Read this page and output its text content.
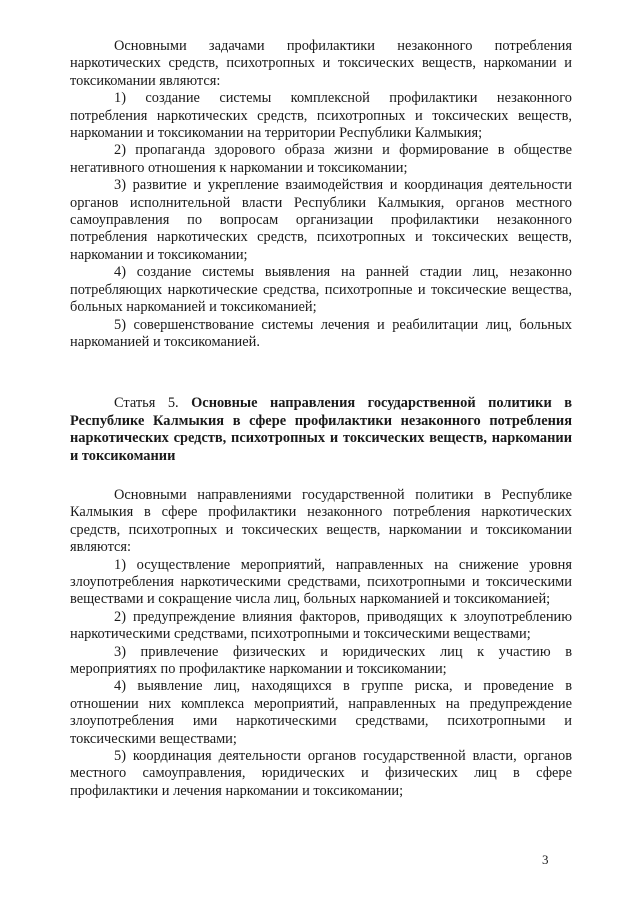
Основными задачами профилактики незаконного потребления наркотических средств, психотропных и токсических веществ, наркомании и токсикомании являются:

1) создание системы комплексной профилактики незаконного потребления наркотических средств, психотропных и токсических веществ, наркомании и токсикомании на территории Республики Калмыкия;

2) пропаганда здорового образа жизни и формирование в обществе негативного отношения к наркомании и токсикомании;

3) развитие и укрепление взаимодействия и координация деятельности органов исполнительной власти Республики Калмыкия, органов местного самоуправления по вопросам организации профилактики незаконного потребления наркотических средств, психотропных и токсических веществ, наркомании и токсикомании;

4) создание системы выявления на ранней стадии лиц, незаконно потребляющих наркотические средства, психотропные и токсические вещества, больных наркоманией и токсикоманией;

5) совершенствование системы лечения и реабилитации лиц, больных наркоманией и токсикоманией.

Статья 5. Основные направления государственной политики в Республике Калмыкия в сфере профилактики незаконного потребления наркотических средств, психотропных и токсических веществ, наркомании и токсикомании

Основными направлениями государственной политики в Республике Калмыкия в сфере профилактики незаконного потребления наркотических средств, психотропных и токсических веществ, наркомании и токсикомании являются:

1) осуществление мероприятий, направленных на снижение уровня злоупотребления наркотическими средствами, психотропными и токсическими веществами и сокращение числа лиц, больных наркоманией и токсикоманией;

2) предупреждение влияния факторов, приводящих к злоупотреблению наркотическими средствами, психотропными и токсическими веществами;

3) привлечение физических и юридических лиц к участию в мероприятиях по профилактике наркомании и токсикомании;

4) выявление лиц, находящихся в группе риска, и проведение в отношении них комплекса мероприятий, направленных на предупреждение злоупотребления ими наркотическими средствами, психотропными и токсическими веществами;

5) координация деятельности органов государственной власти, органов местного самоуправления, юридических и физических лиц в сфере профилактики и лечения наркомании и токсикомании;

3
